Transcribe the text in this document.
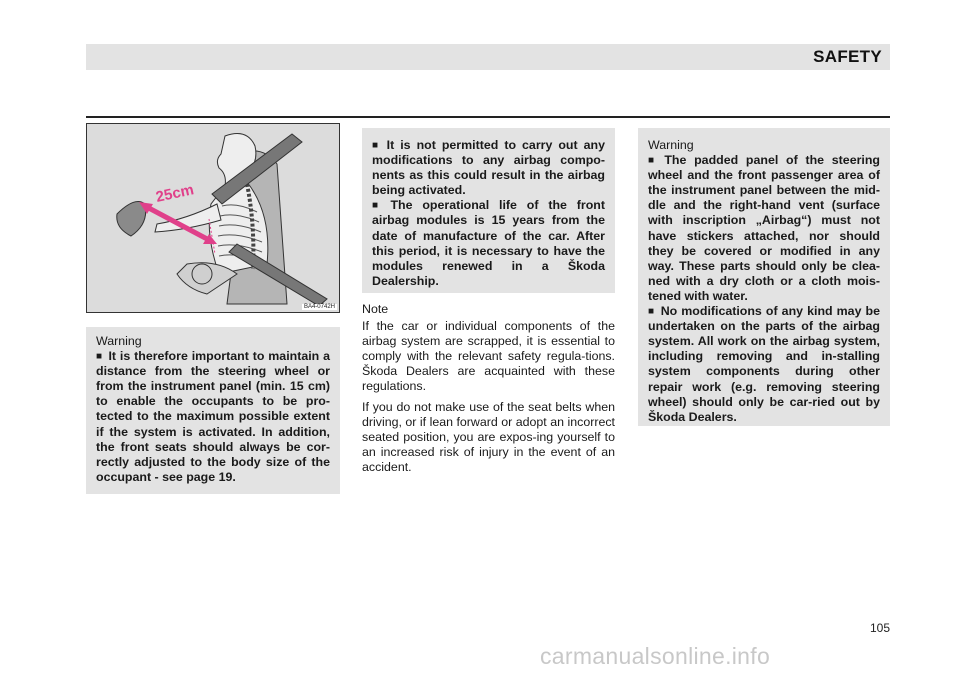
SAFETY
25cm
BA4-0742H
Warning
■ It is therefore important to maintain a distance from the steering wheel or from the instrument panel (min. 15 cm) to enable the occupants to be pro-tected to the maximum possible extent if the system is activated. In addition, the front seats should always be cor-rectly adjusted to the body size of the occupant - see page 19.
■ It is not permitted to carry out any modifications to any airbag compo-nents as this could result in the airbag being activated.
■ The operational life of the front airbag modules is 15 years from the date of manufacture of the car. After this period, it is necessary to have the modules renewed in a Škoda Dealership.
Note

If the car or individual components of the airbag system are scrapped, it is essential to comply with the relevant safety regula-tions. Škoda Dealers are acquainted with these regulations.

If you do not make use of the seat belts when driving, or if lean forward or adopt an incorrect seated position, you are expos-ing yourself to an increased risk of injury in the event of an accident.

Warning
■ The padded panel of the steering wheel and the front passenger area of the instrument panel between the mid-dle and the right-hand vent (surface with inscription „Airbag“) must not have stickers attached, nor should they be covered or modified in any way. These parts should only be clea-ned with a dry cloth or a cloth mois-tened with water.
■ No modifications of any kind may be undertaken on the parts of the airbag system. All work on the airbag system, including removing and in-stalling system components during other repair work (e.g. removing steering wheel) should only be car-ried out by Škoda Dealers.
105
carmanualsonline.info
